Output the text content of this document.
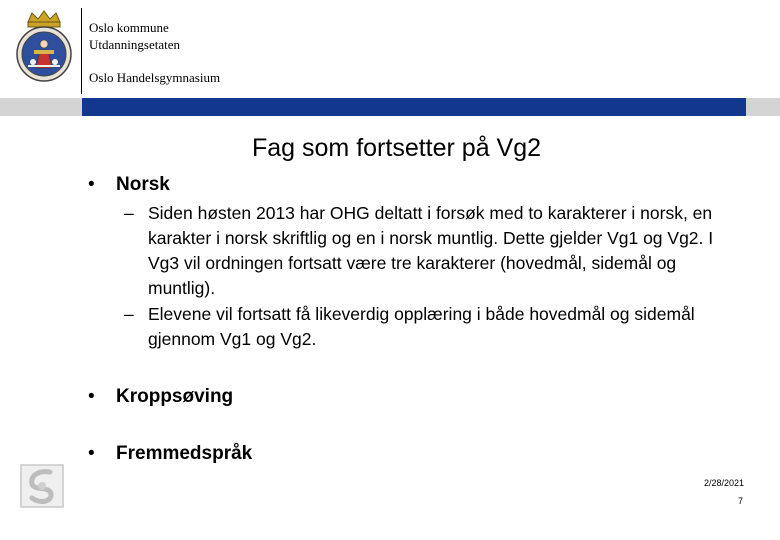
Oslo kommune
Utdanningsetaten
Oslo Handelsgymnasium
Fag som fortsetter på Vg2
• Norsk
– Siden høsten 2013 har OHG deltatt i forsøk med to karakterer i norsk, en karakter i norsk skriftlig og en i norsk muntlig. Dette gjelder Vg1 og Vg2. I Vg3 vil ordningen fortsatt være tre karakterer (hovedmål, sidemål og muntlig).
– Elevene vil fortsatt få likeverdig opplæring i både hovedmål og sidemål gjennom Vg1 og Vg2.
• Kroppsøving
• Fremmedspråk
2/28/2021
7
